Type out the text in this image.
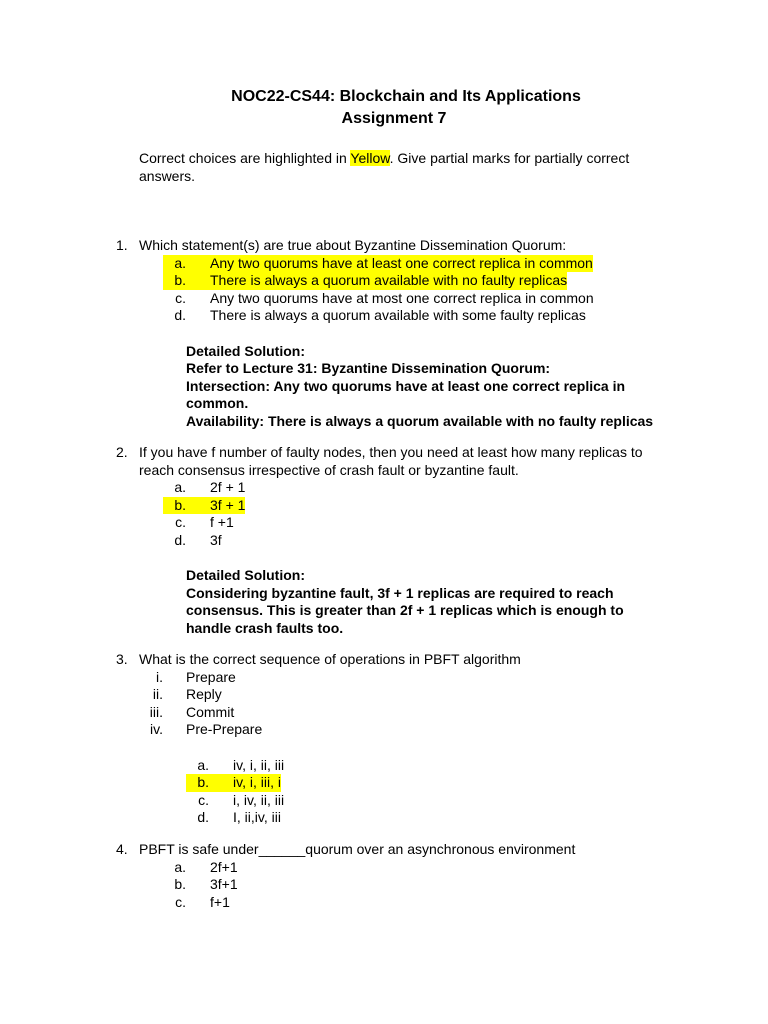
NOC22-CS44: Blockchain and Its Applications
Assignment 7
Correct choices are highlighted in Yellow. Give partial marks for partially correct answers.
1. Which statement(s) are true about Byzantine Dissemination Quorum:
a. Any two quorums have at least one correct replica in common
b. There is always a quorum available with no faulty replicas
c. Any two quorums have at most one correct replica in common
d. There is always a quorum available with some faulty replicas
Detailed Solution:
Refer to Lecture 31: Byzantine Dissemination Quorum:
Intersection: Any two quorums have at least one correct replica in
common.
Availability: There is always a quorum available with no faulty replicas
2. If you have f number of faulty nodes, then you need at least how many replicas to
reach consensus irrespective of crash fault or byzantine fault.
a. 2f + 1
b. 3f + 1
c. f +1
d. 3f
Detailed Solution:
Considering byzantine fault, 3f + 1 replicas are required to reach
consensus. This is greater than 2f + 1 replicas which is enough to
handle crash faults too.
3. What is the correct sequence of operations in PBFT algorithm
i.	Prepare
ii.	Reply
iii.	Commit
iv.	Pre-Prepare
a. iv, i, ii, iii
b. iv, i, iii, i
c. i, iv, ii, iii
d. I, ii,iv, iii
4. PBFT is safe under______quorum over an asynchronous environment
a. 2f+1
b. 3f+1
c. f+1
